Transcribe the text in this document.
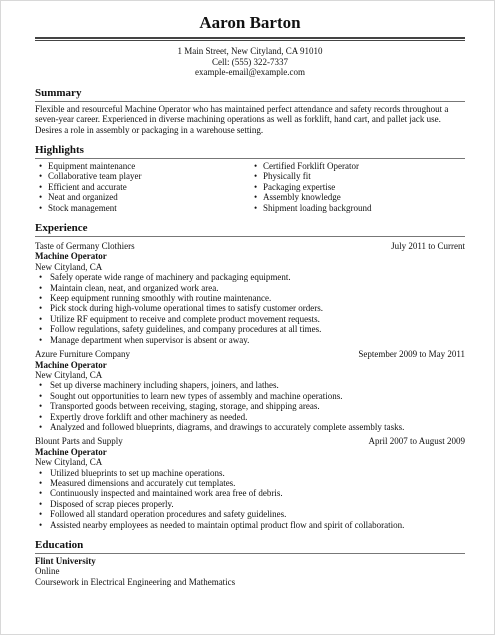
Aaron Barton
1 Main Street, New Cityland, CA 91010
Cell: (555) 322-7337
example-email@example.com
Summary

Flexible and resourceful Machine Operator who has maintained perfect attendance and safety records throughout a seven-year career. Experienced in diverse machining operations as well as forklift, hand cart, and pallet jack use. Desires a role in assembly or packaging in a warehouse setting.

Highlights
• Equipment maintenance
• Collaborative team player
• Efficient and accurate
• Neat and organized
• Stock management
• Certified Forklift Operator
• Physically fit
• Packaging expertise
• Assembly knowledge
• Shipment loading background
Experience
Taste of Germany Clothiers	July 2011 to Current
Machine Operator
New Cityland, CA
• Safely operate wide range of machinery and packaging equipment.
• Maintain clean, neat, and organized work area.
• Keep equipment running smoothly with routine maintenance.
• Pick stock during high-volume operational times to satisfy customer orders.
• Utilize RF equipment to receive and complete product movement requests.
• Follow regulations, safety guidelines, and company procedures at all times.
• Manage department when supervisor is absent or away.
Azure Furniture Company	September 2009 to May 2011
Machine Operator
New Cityland, CA
• Set up diverse machinery including shapers, joiners, and lathes.
• Sought out opportunities to learn new types of assembly and machine operations.
• Transported goods between receiving, staging, storage, and shipping areas.
• Expertly drove forklift and other machinery as needed.
• Analyzed and followed blueprints, diagrams, and drawings to accurately complete assembly tasks.
Blount Parts and Supply	April 2007 to August 2009
Machine Operator
New Cityland, CA
• Utilized blueprints to set up machine operations.
• Measured dimensions and accurately cut templates.
• Continuously inspected and maintained work area free of debris.
• Disposed of scrap pieces properly.
• Followed all standard operation procedures and safety guidelines.
• Assisted nearby employees as needed to maintain optimal product flow and spirit of collaboration.
Education
Flint University
Online
Coursework in Electrical Engineering and Mathematics
